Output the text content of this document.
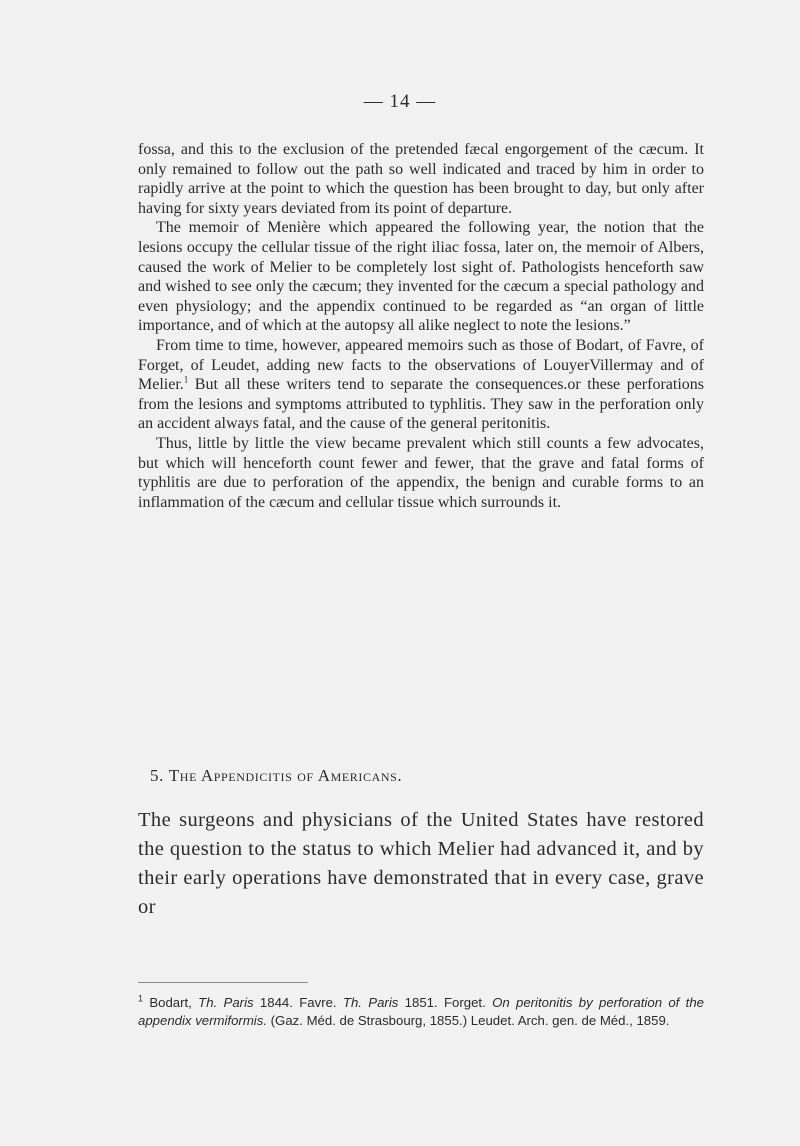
— 14 —

fossa, and this to the exclusion of the pretended fæcal engorgement of the cæcum. It only remained to follow out the path so well indicated and traced by him in order to rapidly arrive at the point to which the question has been brought to day, but only after having for sixty years deviated from its point of departure.

The memoir of Menière which appeared the following year, the notion that the lesions occupy the cellular tissue of the right iliac fossa, later on, the memoir of Albers, caused the work of Melier to be completely lost sight of. Pathologists henceforth saw and wished to see only the cæcum; they invented for the cæcum a special pathology and even physiology; and the appendix continued to be regarded as “an organ of little importance, and of which at the autopsy all alike neglect to note the lesions.”

From time to time, however, appeared memoirs such as those of Bodart, of Favre, of Forget, of Leudet, adding new facts to the observations of LouyerVillermay and of Melier.$^1$ But all these writers tend to separate the consequences.or these perforations from the lesions and symptoms attributed to typhlitis. They saw in the perforation only an accident always fatal, and the cause of the general peritonitis.

Thus, little by little the view became prevalent which still counts a few advocates, but which will henceforth count fewer and fewer, that the grave and fatal forms of typhlitis are due to perforation of the appendix, the benign and curable forms to an inflammation of the cæcum and cellular tissue which surrounds it.

5. The Appendicitis of Americans.

The surgeons and physicians of the United States have restored the question to the status to which Melier had advanced it, and by their early operations have demonstrated that in every case, grave or

$^1$ Bodart, Th. Paris 1844. Favre. Th. Paris 1851. Forget. On peritonitis by perforation of the appendix vermiformis. (Gaz. Méd. de Strasbourg, 1855.) Leudet. Arch. gen. de Méd., 1859.
